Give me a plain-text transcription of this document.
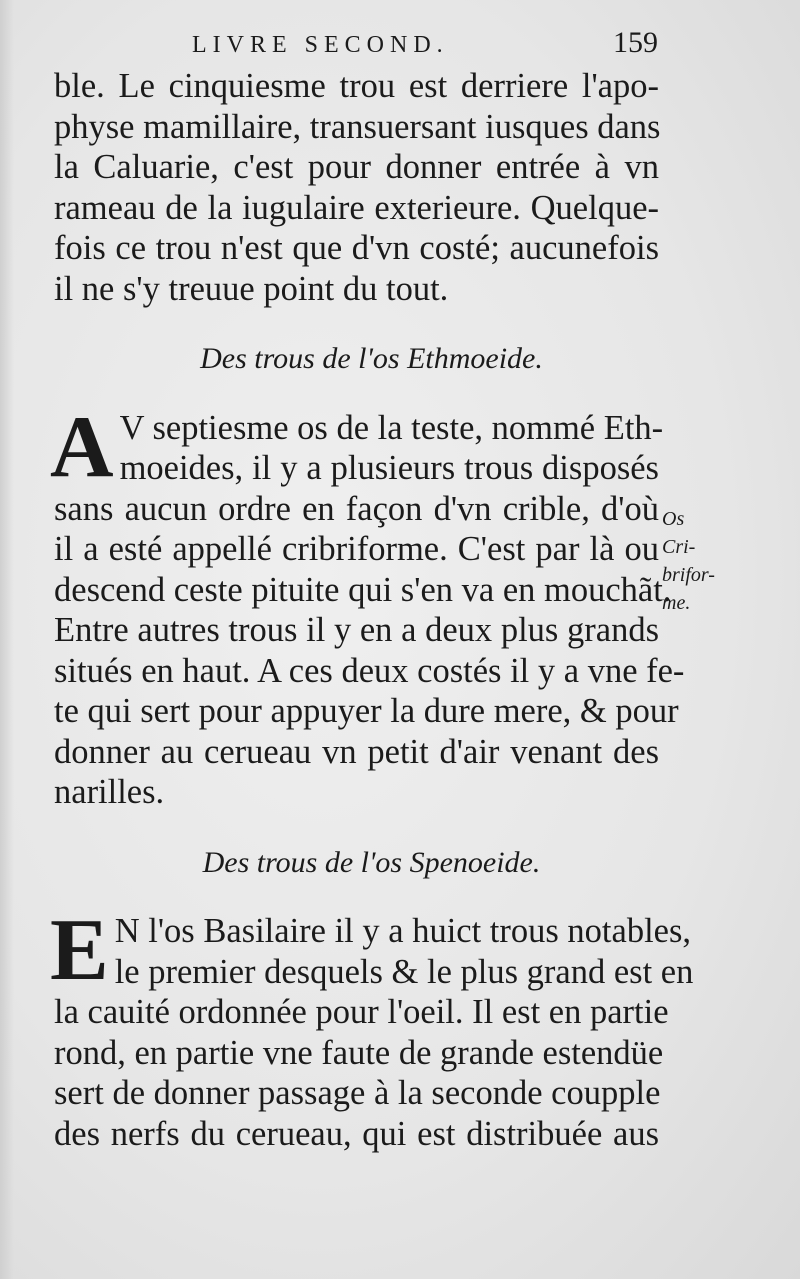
LIVRE SECOND.	159
ble. Le cinquiesme trou est derriere l'apo-
physe mamillaire, transuersant iusques dans
la Caluarie, c'est pour donner entrée à vn
rameau de la iugulaire exterieure. Quelque-
fois ce trou n'est que d'vn costé; aucunefois
il ne s'y treuue point du tout.
Des trous de l'os Ethmoeide.
A V septiesme os de la teste, nommé Eth-
moeides, il y a plusieurs trous disposés
sans aucun ordre en façon d'vn crible, d'où
il a esté appellé cribriforme. C'est par là ou
descend ceste pituite qui s'en va en mouchãt.
Entre autres trous il y en a deux plus grands
situés en haut. A ces deux costés il y a vne fe-
te qui sert pour appuyer la dure mere, & pour
donner au cerueau vn petit d'air venant des
narilles.
Des trous de l'os Spenoeide.
E N l'os Basilaire il y a huict trous notables,
le premier desquels & le plus grand est en
la cauité ordonnée pour l'oeil. Il est en partie
rond, en partie vne faute de grande estendüe
sert de donner passage à la seconde coupple
des nerfs du cerueau, qui est distribuée aus
Os Cri-
brifor-
me.
